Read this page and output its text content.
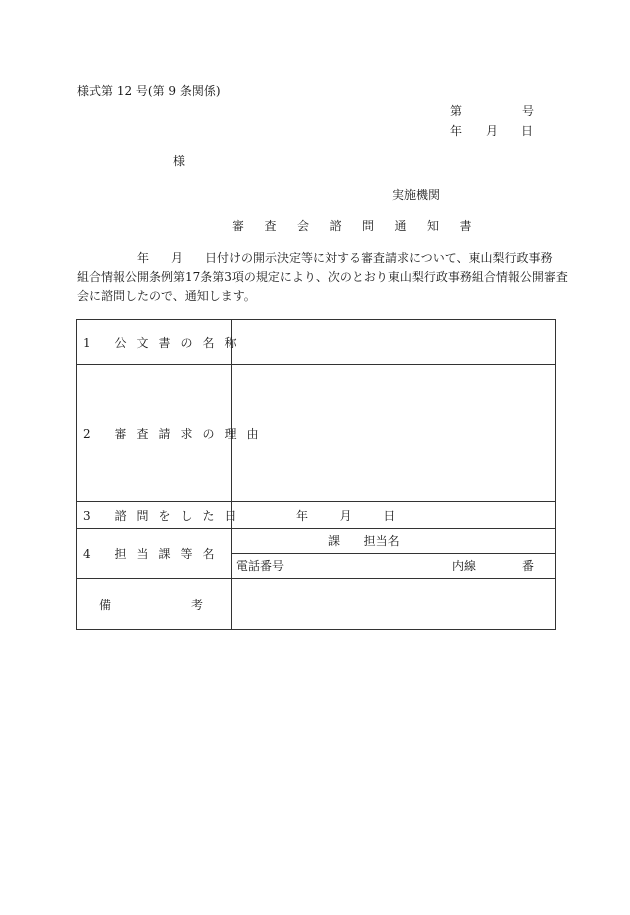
様式第 12 号(第 9 条関係)
第	号
年 月 日
様
実施機関
審査会諮問通知書
年 月 日付けの開示決定等に対する審査請求について、東山梨行政事務
組合情報公開条例第17条第3項の規定により、次のとおり東山梨行政事務組合情報公開審査
会に諮問したので、通知します。
1 公文書の名称	
2 審査請求の理由	
3 諮問をした日	年 月 日
4 担当課等名	課 担当名
電話番号 内線 番

備 考	
